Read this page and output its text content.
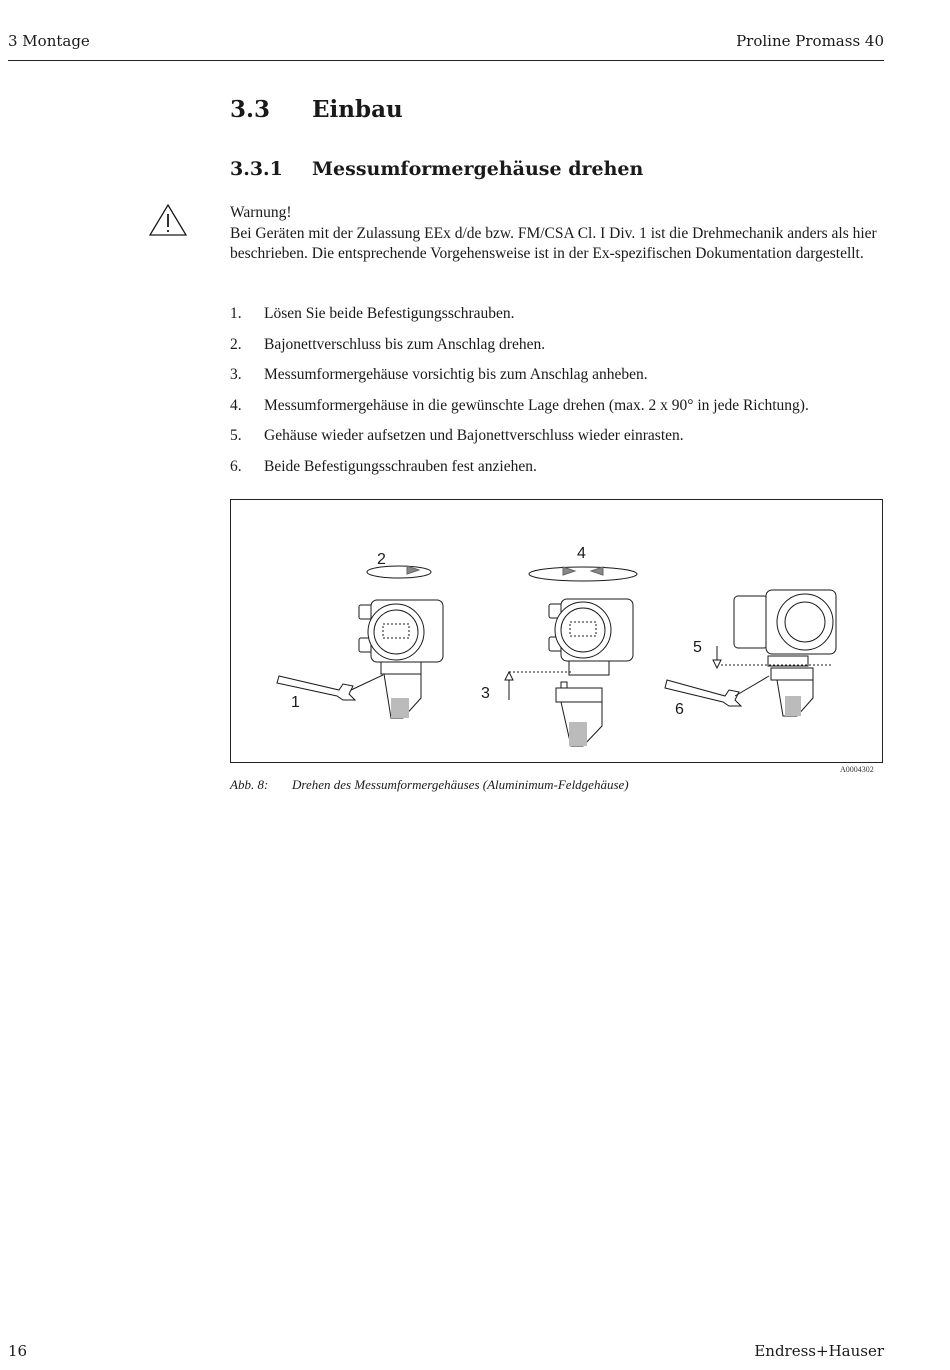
3 Montage	Proline Promass 40
3.3 Einbau
3.3.1 Messumformergehäuse drehen
Warnung!
Bei Geräten mit der Zulassung EEx d/de bzw. FM/CSA Cl. I Div. 1 ist die Drehmechanik anders als hier beschrieben. Die entsprechende Vorgehensweise ist in der Ex-spezifischen Dokumentation dargestellt.
1.	Lösen Sie beide Befestigungsschrauben.
2.	Bajonettverschluss bis zum Anschlag drehen.
3.	Messumformergehäuse vorsichtig bis zum Anschlag anheben.
4.	Messumformergehäuse in die gewünschte Lage drehen (max. 2 x 90° in jede Richtung).
5.	Gehäuse wieder aufsetzen und Bajonettverschluss wieder einrasten.
6.	Beide Befestigungsschrauben fest anziehen.
1
2
3
4
5
6
A0004302
Abb. 8: Drehen des Messumformergehäuses (Aluminimum-Feldgehäuse)
16	Endress+Hauser
